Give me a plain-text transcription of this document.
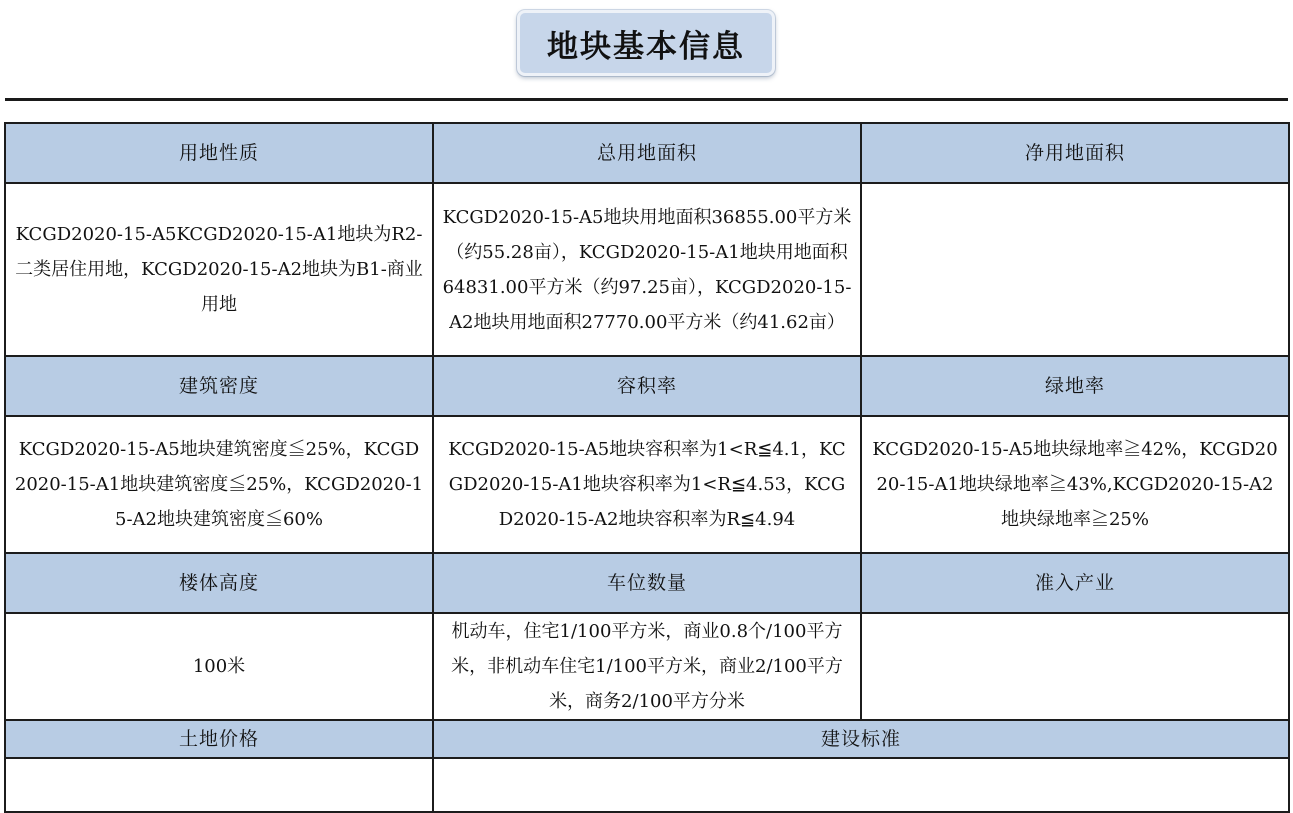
地块基本信息
用地性质	总用地面积	净用地面积
KCGD2020-15-A5KCGD2020-15-A1地块为R2-二类居住用地，KCGD2020-15-A2地块为B1-商业用地	KCGD2020-15-A5地块用地面积36855.00平方米（约55.28亩），KCGD2020-15-A1地块用地面积64831.00平方米（约97.25亩），KCGD2020-15-A2地块用地面积27770.00平方米（约41.62亩）	
建筑密度	容积率	绿地率
KCGD2020-15-A5地块建筑密度≦25%，KCGD2020-15-A1地块建筑密度≦25%，KCGD2020-15-A2地块建筑密度≦60%	KCGD2020-15-A5地块容积率为1<R≦4.1，KCGD2020-15-A1地块容积率为1<R≦4.53，KCGD2020-15-A2地块容积率为R≦4.94	KCGD2020-15-A5地块绿地率≧42%，KCGD2020-15-A1地块绿地率≧43%,KCGD2020-15-A2地块绿地率≧25%
楼体高度	车位数量	准入产业
100米	机动车，住宅1/100平方米，商业0.8个/100平方米，非机动车住宅1/100平方米，商业2/100平方米，商务2/100平方分米	
土地价格	建设标准	
